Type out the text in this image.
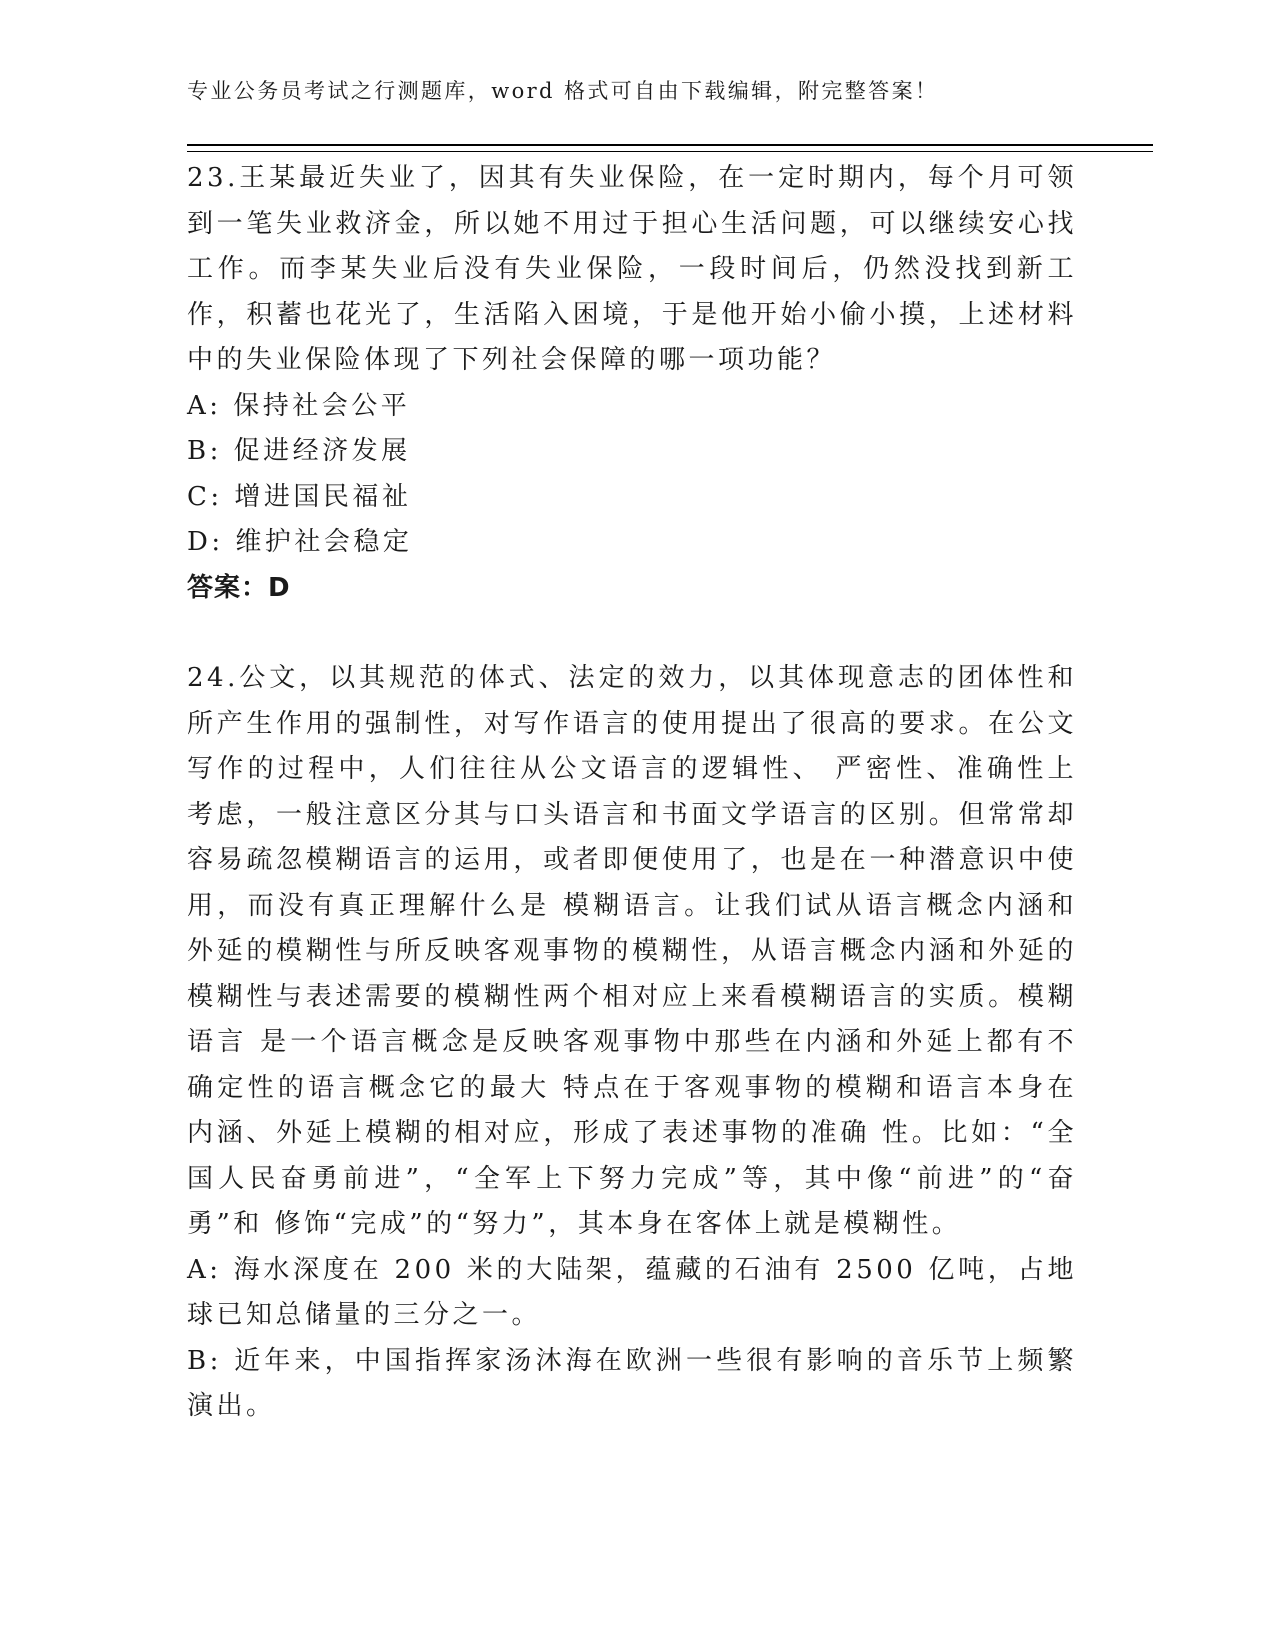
专业公务员考试之行测题库，word 格式可自由下载编辑，附完整答案！

23.王某最近失业了，因其有失业保险，在一定时期内，每个月可领到一笔失业救济金，所以她不用过于担心生活问题，可以继续安心找工作。而李某失业后没有失业保险，一段时间后，仍然没找到新工作，积蓄也花光了，生活陷入困境，于是他开始小偷小摸，上述材料中的失业保险体现了下列社会保障的哪一项功能？

A: 保持社会公平

B: 促进经济发展

C: 增进国民福祉

D: 维护社会稳定

答案：D

24.公文，以其规范的体式、法定的效力，以其体现意志的团体性和所产生作用的强制性，对写作语言的使用提出了很高的要求。在公文写作的过程中，人们往往从公文语言的逻辑性、 严密性、准确性上考虑，一般注意区分其与口头语言和书面文学语言的区别。但常常却容易疏忽模糊语言的运用，或者即便使用了，也是在一种潜意识中使用，而没有真正理解什么是 模糊语言。让我们试从语言概念内涵和外延的模糊性与所反映客观事物的模糊性，从语言概念内涵和外延的模糊性与表述需要的模糊性两个相对应上来看模糊语言的实质。模糊语言 是一个语言概念是反映客观事物中那些在内涵和外延上都有不确定性的语言概念它的最大 特点在于客观事物的模糊和语言本身在内涵、外延上模糊的相对应，形成了表述事物的准确 性。比如：“全国人民奋勇前进”，“全军上下努力完成”等，其中像“前进”的“奋勇”和 修饰“完成”的“努力”，其本身在客体上就是模糊性。

A: 海水深度在 200 米的大陆架，蕴藏的石油有 2500 亿吨，占地球已知总储量的三分之一。

B: 近年来，中国指挥家汤沐海在欧洲一些很有影响的音乐节上频繁演出。
